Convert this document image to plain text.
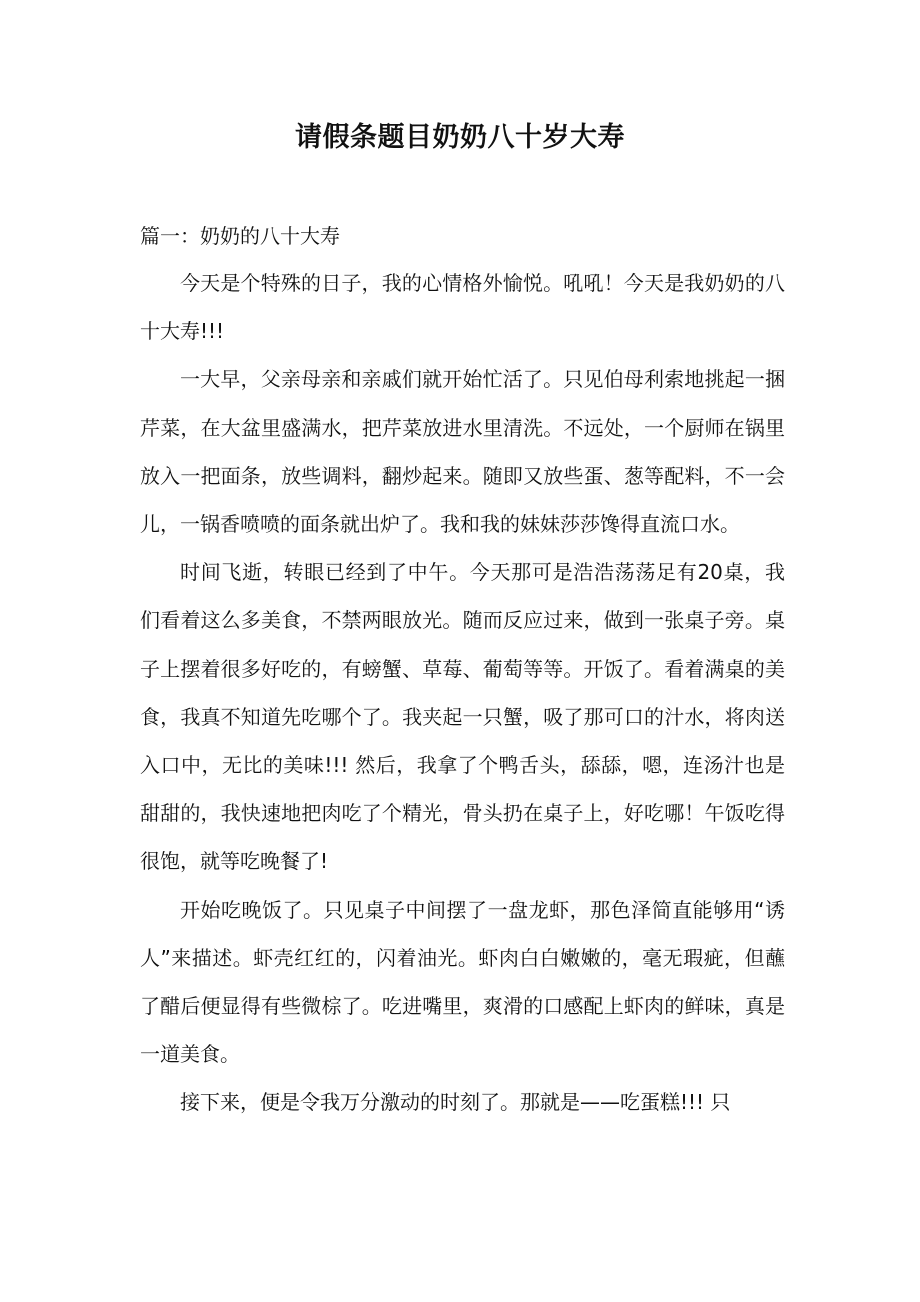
请假条题目奶奶八十岁大寿

篇一：奶奶的八十大寿

今天是个特殊的日子，我的心情格外愉悦。吼吼！今天是我奶奶的八十大寿!!!

一大早，父亲母亲和亲戚们就开始忙活了。只见伯母利索地挑起一捆芹菜，在大盆里盛满水，把芹菜放进水里清洗。不远处，一个厨师在锅里放入一把面条，放些调料，翻炒起来。随即又放些蛋、葱等配料，不一会儿，一锅香喷喷的面条就出炉了。我和我的妹妹莎莎馋得直流口水。

时间飞逝，转眼已经到了中午。今天那可是浩浩荡荡足有20桌，我们看着这么多美食，不禁两眼放光。随而反应过来，做到一张桌子旁。桌子上摆着很多好吃的，有螃蟹、草莓、葡萄等等。开饭了。看着满桌的美食，我真不知道先吃哪个了。我夹起一只蟹，吸了那可口的汁水，将肉送入口中，无比的美味!!! 然后，我拿了个鸭舌头，舔舔，嗯，连汤汁也是甜甜的，我快速地把肉吃了个精光，骨头扔在桌子上，好吃哪！午饭吃得很饱，就等吃晚餐了!

开始吃晚饭了。只见桌子中间摆了一盘龙虾，那色泽简直能够用“诱人”来描述。虾壳红红的，闪着油光。虾肉白白嫩嫩的，毫无瑕疵，但蘸了醋后便显得有些微棕了。吃进嘴里，爽滑的口感配上虾肉的鲜味，真是一道美食。

接下来，便是令我万分激动的时刻了。那就是——吃蛋糕!!! 只
